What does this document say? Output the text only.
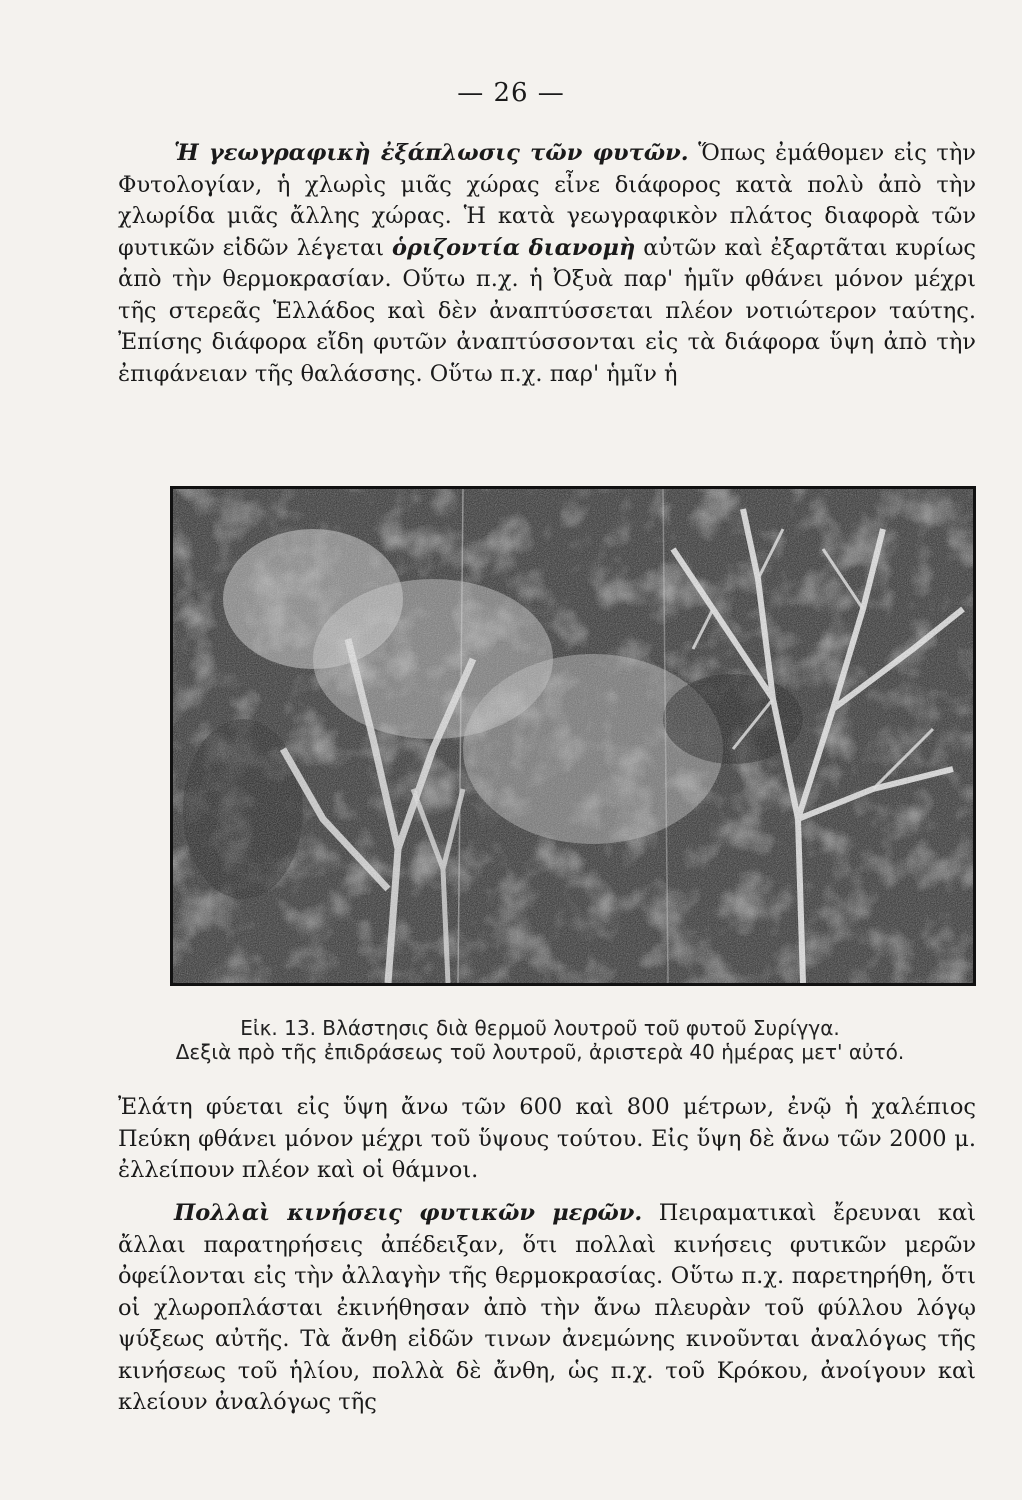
— 26 —

Ἡ γεωγραφικὴ ἐξάπλωσις τῶν φυτῶν. Ὅπως ἐμάθομεν εἰς τὴν Φυτολογίαν, ἡ χλωρὶς μιᾶς χώρας εἶνε διάφορος κατὰ πολὺ ἀπὸ τὴν χλωρίδα μιᾶς ἄλλης χώρας. Ἡ κατὰ γεωγραφικὸν πλάτος διαφορὰ τῶν φυτικῶν εἰδῶν λέγεται ὁριζοντία διανομὴ αὐτῶν καὶ ἐξαρτᾶται κυρίως ἀπὸ τὴν θερμοκρασίαν. Οὕτω π.χ. ἡ Ὀξυὰ παρ' ἡμῖν φθάνει μόνον μέχρι τῆς στερεᾶς Ἑλλάδος καὶ δὲν ἀναπτύσσεται πλέον νοτιώτερον ταύτης. Ἐπίσης διάφορα εἴδη φυτῶν ἀναπτύσσονται εἰς τὰ διάφορα ὕψη ἀπὸ τὴν ἐπιφάνειαν τῆς θαλάσσης. Οὕτω π.χ. παρ' ἡμῖν ἡ

Εἰκ. 13. Βλάστησις διὰ θερμοῦ λουτροῦ τοῦ φυτοῦ Συρίγγα.
Δεξιὰ πρὸ τῆς ἐπιδράσεως τοῦ λουτροῦ, ἀριστερὰ 40 ἡμέρας μετ' αὐτό.

Ἐλάτη φύεται εἰς ὕψη ἄνω τῶν 600 καὶ 800 μέτρων, ἐνῷ ἡ χαλέπιος Πεύκη φθάνει μόνον μέχρι τοῦ ὕψους τούτου. Εἰς ὕψη δὲ ἄνω τῶν 2000 μ. ἐλλείπουν πλέον καὶ οἱ θάμνοι.

Πολλαὶ κινήσεις φυτικῶν μερῶν. Πειραματικαὶ ἔρευναι καὶ ἄλλαι παρατηρήσεις ἀπέδειξαν, ὅτι πολλαὶ κινήσεις φυτικῶν μερῶν ὀφείλονται εἰς τὴν ἀλλαγὴν τῆς θερμοκρασίας. Οὕτω π.χ. παρετηρήθη, ὅτι οἱ χλωροπλάσται ἐκινήθησαν ἀπὸ τὴν ἄνω πλευρὰν τοῦ φύλλου λόγῳ ψύξεως αὐτῆς. Τὰ ἄνθη εἰδῶν τινων ἀνεμώνης κινοῦνται ἀναλόγως τῆς κινήσεως τοῦ ἡλίου, πολλὰ δὲ ἄνθη, ὡς π.χ. τοῦ Κρόκου, ἀνοίγουν καὶ κλείουν ἀναλόγως τῆς
